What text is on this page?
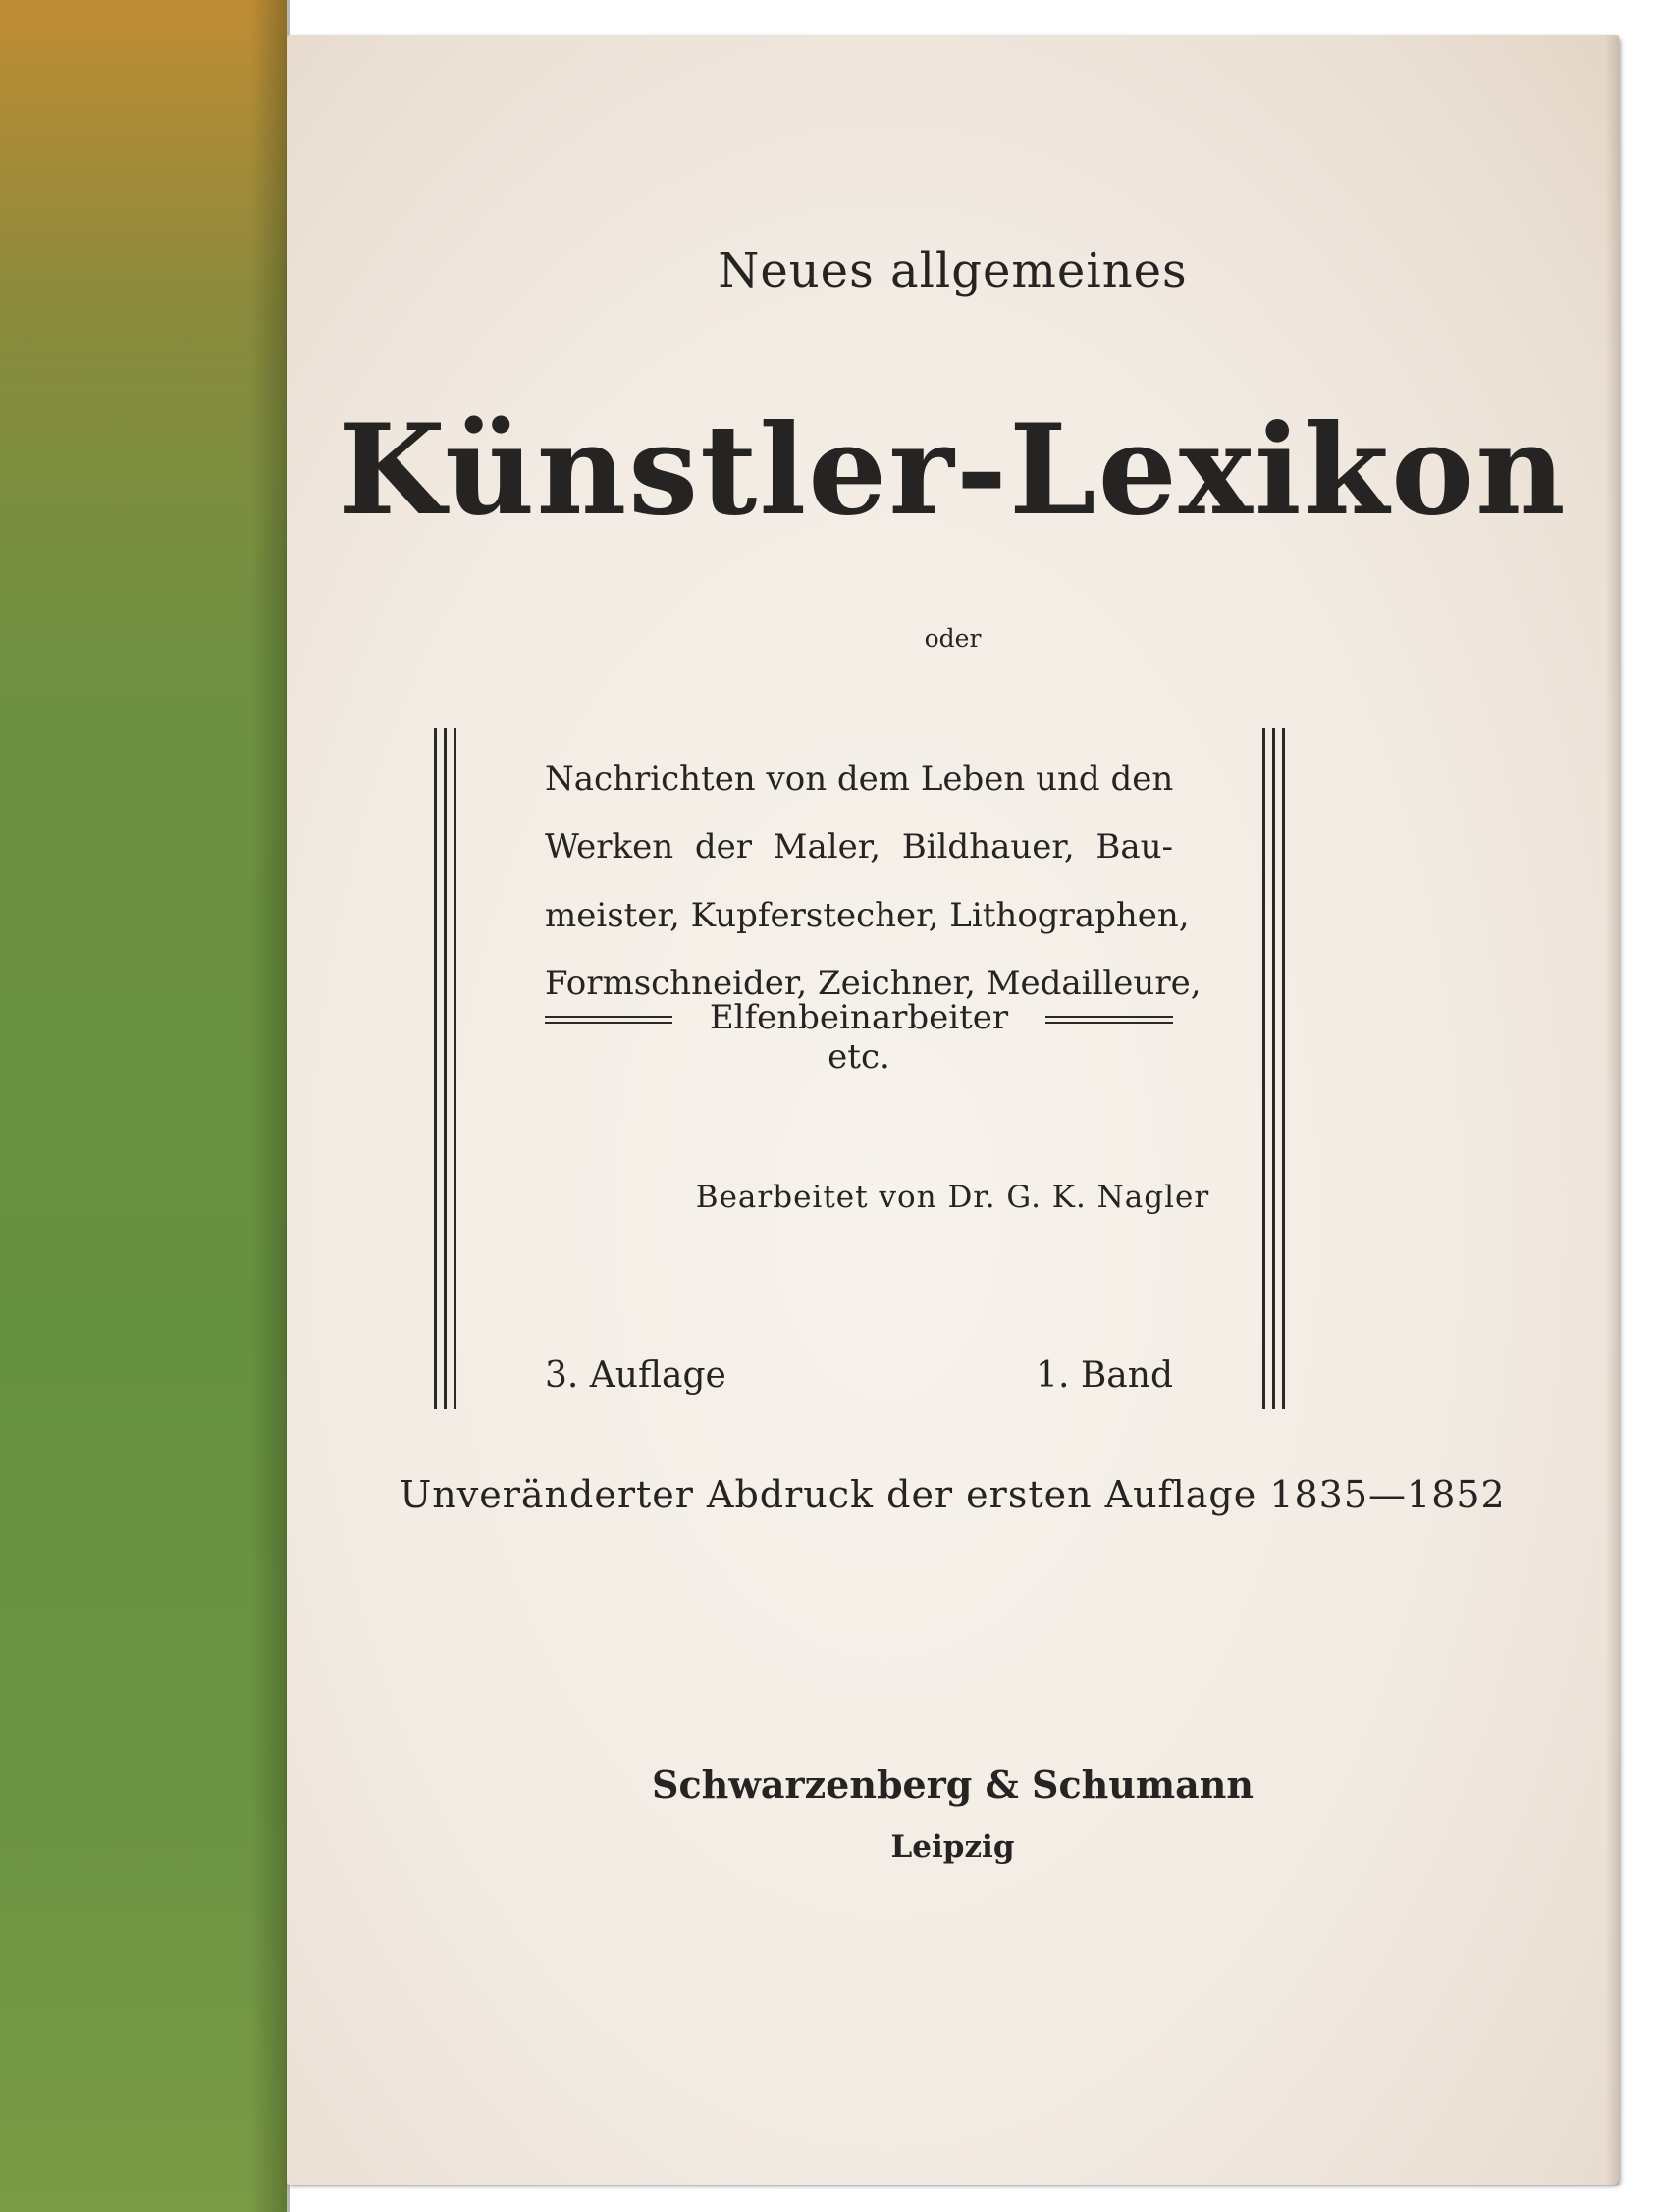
Neues allgemeines

Künstler-Lexikon

oder

Nachrichten von dem Leben und den

Werken der Maler, Bildhauer, Bau-

meister, Kupferstecher, Lithographen,

Formschneider, Zeichner, Medailleure,

Elfenbeinarbeiter etc.

Bearbeitet von Dr. G. K. Nagler

3. Auflage	1. Band

Unveränderter Abdruck der ersten Auflage 1835—1852

Schwarzenberg & Schumann

Leipzig
